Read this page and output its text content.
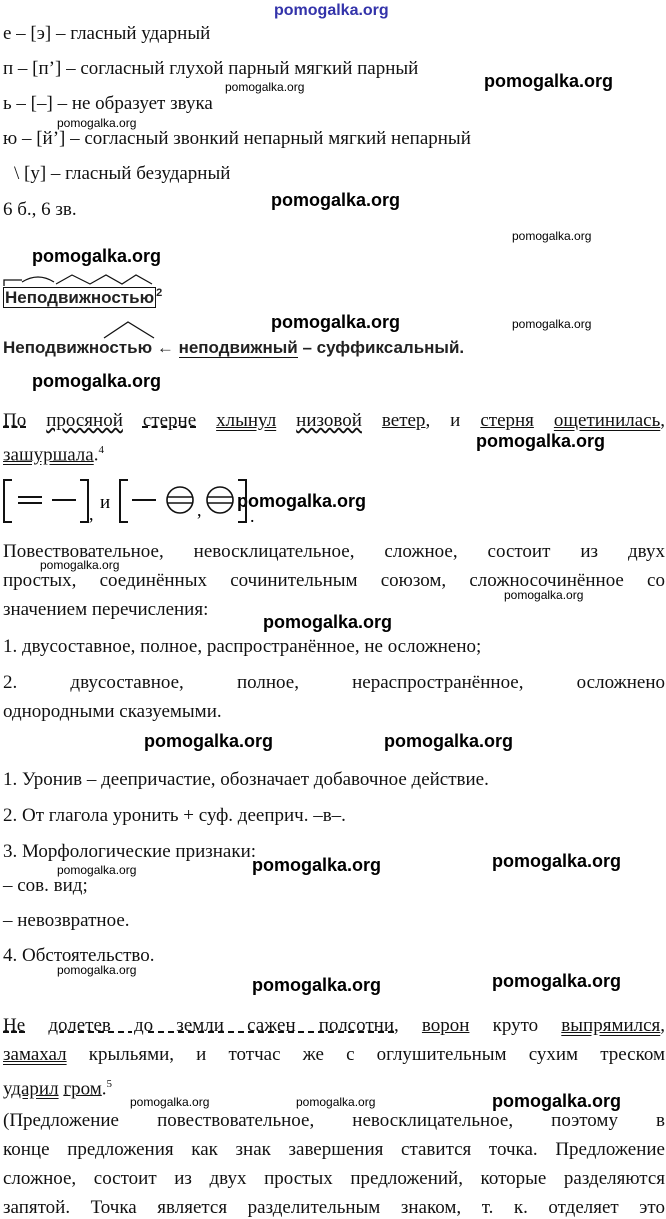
pomogalka.org
pomogalka.org
pomogalka.org
pomogalka.org
pomogalka.org
pomogalka.org
pomogalka.org
pomogalka.org	pomogalka.org
pomogalka.org
pomogalka.org
pomogalka.org
pomogalka.org
pomogalka.org
pomogalka.org
pomogalka.org	pomogalka.org
pomogalka.org	pomogalka.org
pomogalka.org
pomogalka.org
pomogalka.org	pomogalka.org
pomogalka.org	pomogalka.org	pomogalka.org
е – [э] – гласный ударный
п – [п’] – согласный глухой парный мягкий парный
ь – [–] – не образует звука
ю – [й’] – согласный звонкий непарный мягкий непарный
\ [у] – гласный безударный
6 б., 6 зв.
Неподвижностью $^2$
Неподвижностью ← неподвижный – суффиксальный.
По просяной стерне хлынул низовой ветер, и стерня ощетинилась,
зашуршала.$^4$
,
и	,	.
Повествовательное, невосклицательное, сложное, состоит из двух
простых, соединённых сочинительным союзом, сложносочинённое со
значением перечисления:
1. двусоставное, полное, распространённое, не осложнено;
2. двусоставное, полное, нераспространённое, осложнено
однородными сказуемыми.
1. Уронив – деепричастие, обозначает добавочное действие.
2. От глагола уронить + суф. дееприч. –в–.
3. Морфологические признаки:
– сов. вид;
– невозвратное.
4. Обстоятельство.
Не долетев до земли сажен полсотни, ворон круто выпрямился,
замахал крыльями, и тотчас же с оглушительным сухим треском
ударил гром.$^5$
(Предложение повествовательное, невосклицательное, поэтому в
конце предложения как знак завершения ставится точка. Предложение
сложное, состоит из двух простых предложений, которые разделяются
запятой. Точка является разделительным знаком, т. к. отделяет это
